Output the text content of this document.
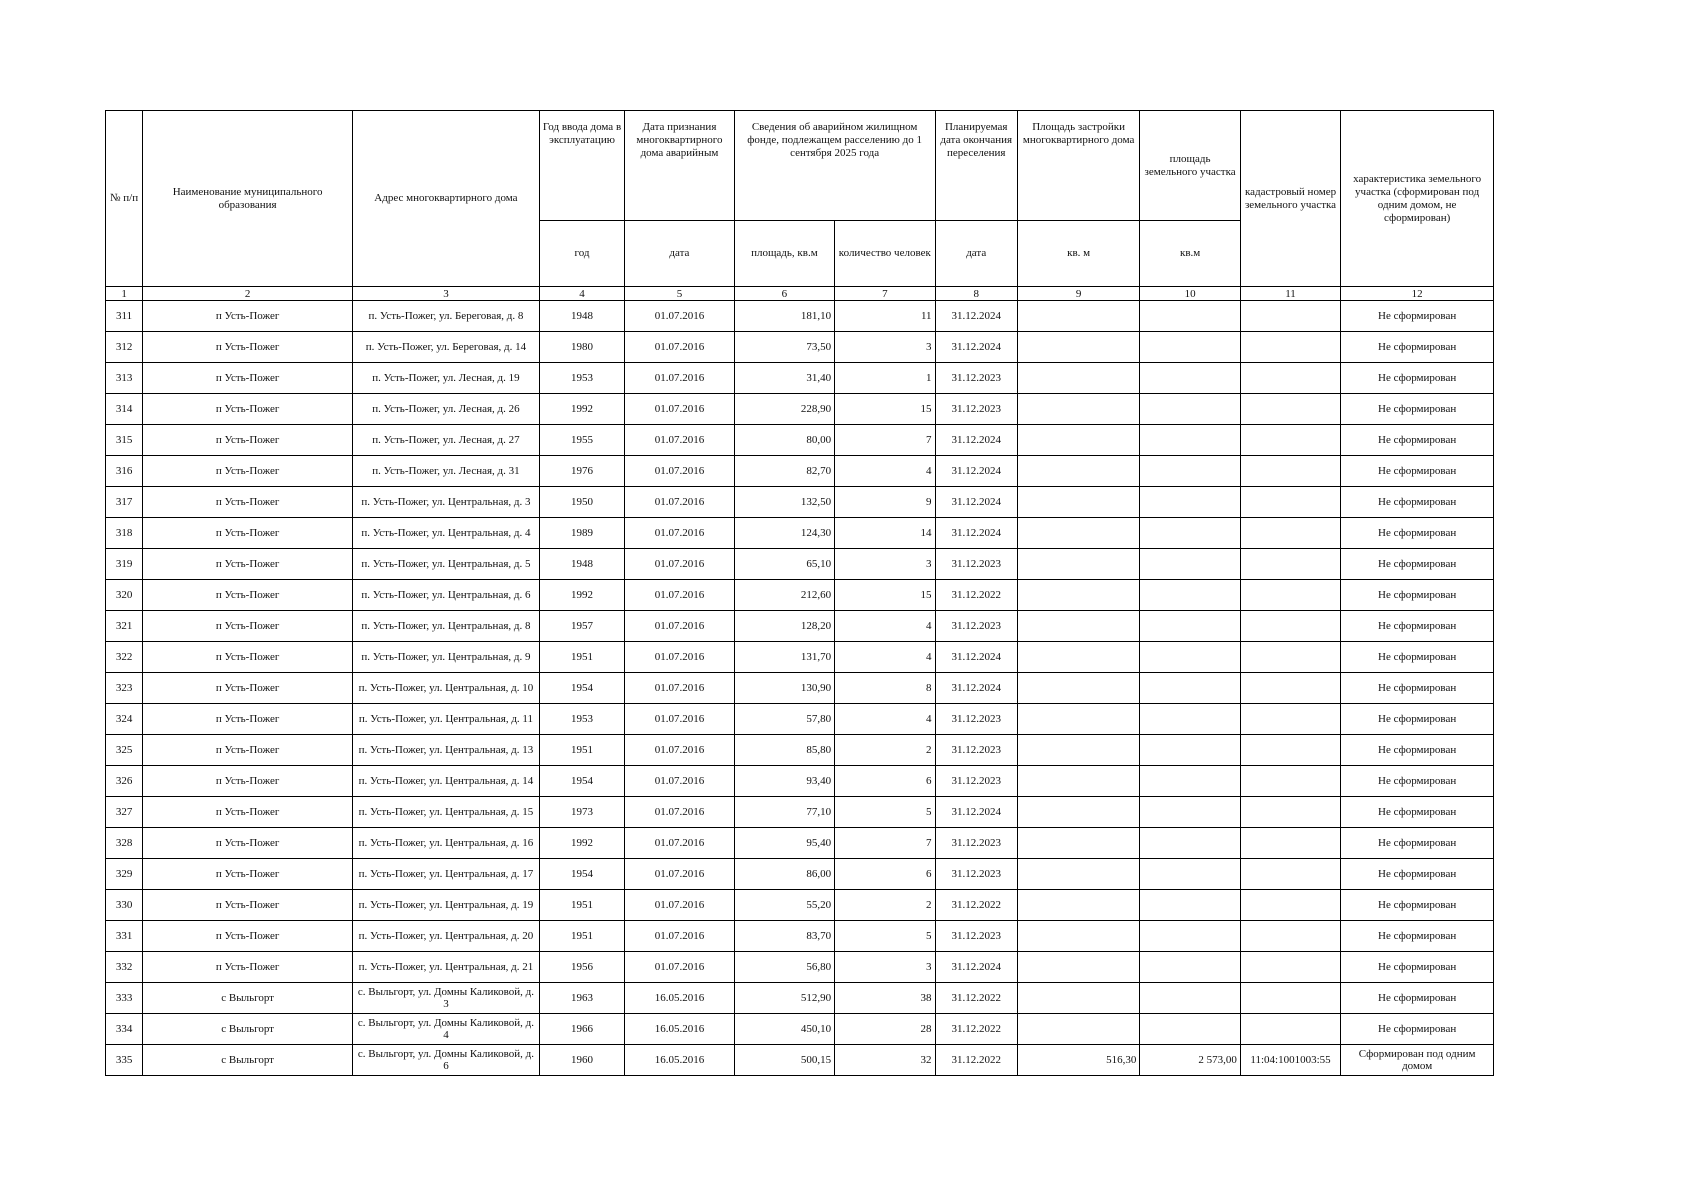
№ п/п	Наименование муниципального образования	Адрес многоквартирного дома	Год ввода дома в эксплуатацию	Дата признания многоквартирного дома аварийным	Сведения об аварийном жилищном фонде, подлежащем расселению до 1 сентября 2025 года		Планируемая дата окончания переселения	Площадь застройки многоквартирного дома	площадь земельного участка	кадастровый номер земельного участка	характеристика земельного участка (сформирован под одним домом, не сформирован)
			год	дата	площадь, кв.м	количество человек	дата	кв. м	кв.м		
1	2	3	4	5	6	7	8	9	10	11	12
311	п Усть-Пожег	п. Усть-Пожег, ул. Береговая, д. 8	1948	01.07.2016	181,10	11	31.12.2024				Не сформирован
312	п Усть-Пожег	п. Усть-Пожег, ул. Береговая, д. 14	1980	01.07.2016	73,50	3	31.12.2024				Не сформирован
313	п Усть-Пожег	п. Усть-Пожег, ул. Лесная, д. 19	1953	01.07.2016	31,40	1	31.12.2023				Не сформирован
314	п Усть-Пожег	п. Усть-Пожег, ул. Лесная, д. 26	1992	01.07.2016	228,90	15	31.12.2023				Не сформирован
315	п Усть-Пожег	п. Усть-Пожег, ул. Лесная, д. 27	1955	01.07.2016	80,00	7	31.12.2024				Не сформирован
316	п Усть-Пожег	п. Усть-Пожег, ул. Лесная, д. 31	1976	01.07.2016	82,70	4	31.12.2024				Не сформирован
317	п Усть-Пожег	п. Усть-Пожег, ул. Центральная, д. 3	1950	01.07.2016	132,50	9	31.12.2024				Не сформирован
318	п Усть-Пожег	п. Усть-Пожег, ул. Центральная, д. 4	1989	01.07.2016	124,30	14	31.12.2024				Не сформирован
319	п Усть-Пожег	п. Усть-Пожег, ул. Центральная, д. 5	1948	01.07.2016	65,10	3	31.12.2023				Не сформирован
320	п Усть-Пожег	п. Усть-Пожег, ул. Центральная, д. 6	1992	01.07.2016	212,60	15	31.12.2022				Не сформирован
321	п Усть-Пожег	п. Усть-Пожег, ул. Центральная, д. 8	1957	01.07.2016	128,20	4	31.12.2023				Не сформирован
322	п Усть-Пожег	п. Усть-Пожег, ул. Центральная, д. 9	1951	01.07.2016	131,70	4	31.12.2024				Не сформирован
323	п Усть-Пожег	п. Усть-Пожег, ул. Центральная, д. 10	1954	01.07.2016	130,90	8	31.12.2024				Не сформирован
324	п Усть-Пожег	п. Усть-Пожег, ул. Центральная, д. 11	1953	01.07.2016	57,80	4	31.12.2023				Не сформирован
325	п Усть-Пожег	п. Усть-Пожег, ул. Центральная, д. 13	1951	01.07.2016	85,80	2	31.12.2023				Не сформирован
326	п Усть-Пожег	п. Усть-Пожег, ул. Центральная, д. 14	1954	01.07.2016	93,40	6	31.12.2023				Не сформирован
327	п Усть-Пожег	п. Усть-Пожег, ул. Центральная, д. 15	1973	01.07.2016	77,10	5	31.12.2024				Не сформирован
328	п Усть-Пожег	п. Усть-Пожег, ул. Центральная, д. 16	1992	01.07.2016	95,40	7	31.12.2023				Не сформирован
329	п Усть-Пожег	п. Усть-Пожег, ул. Центральная, д. 17	1954	01.07.2016	86,00	6	31.12.2023				Не сформирован
330	п Усть-Пожег	п. Усть-Пожег, ул. Центральная, д. 19	1951	01.07.2016	55,20	2	31.12.2022				Не сформирован
331	п Усть-Пожег	п. Усть-Пожег, ул. Центральная, д. 20	1951	01.07.2016	83,70	5	31.12.2023				Не сформирован
332	п Усть-Пожег	п. Усть-Пожег, ул. Центральная, д. 21	1956	01.07.2016	56,80	3	31.12.2024				Не сформирован
333	с Выльгорт	с. Выльгорт, ул. Домны Каликовой, д. 3	1963	16.05.2016	512,90	38	31.12.2022				Не сформирован
334	с Выльгорт	с. Выльгорт, ул. Домны Каликовой, д. 4	1966	16.05.2016	450,10	28	31.12.2022				Не сформирован
335	с Выльгорт	с. Выльгорт, ул. Домны Каликовой, д. 6	1960	16.05.2016	500,15	32	31.12.2022	516,30	2 573,00	11:04:1001003:55	Сформирован под одним домом
